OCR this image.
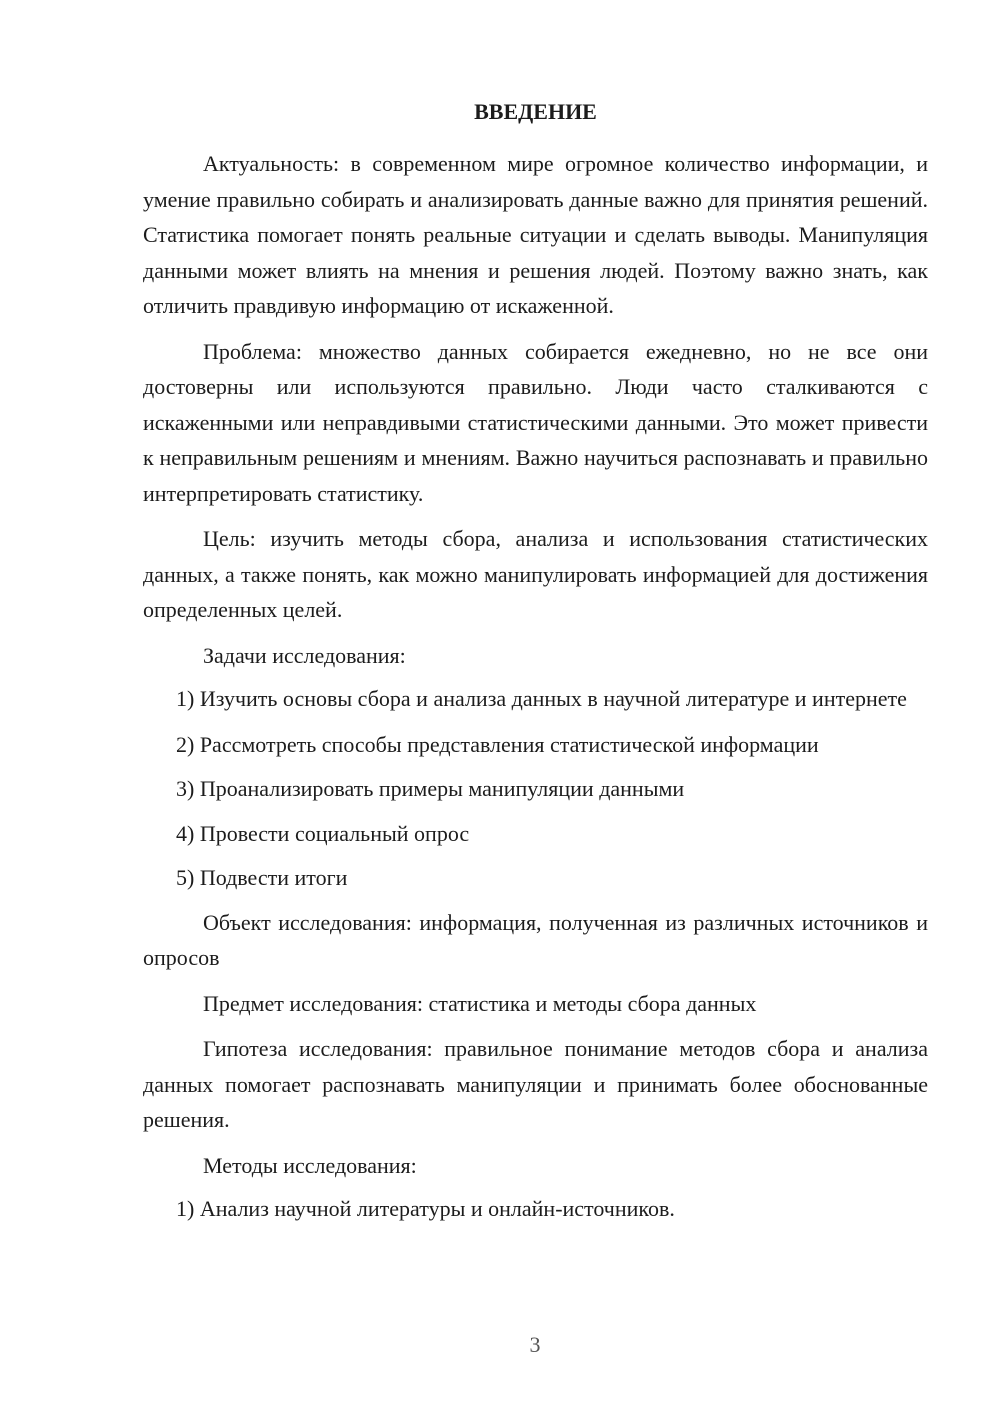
ВВЕДЕНИЕ
Актуальность: в современном мире огромное количество информации, и умение правильно собирать и анализировать данные важно для принятия решений. Статистика помогает понять реальные ситуации и сделать выводы. Манипуляция данными может влиять на мнения и решения людей. Поэтому важно знать, как отличить правдивую информацию от искаженной.
Проблема: множество данных собирается ежедневно, но не все они достоверны или используются правильно. Люди часто сталкиваются с искаженными или неправдивыми статистическими данными. Это может привести к неправильным решениям и мнениям. Важно научиться распознавать и правильно интерпретировать статистику.
Цель: изучить методы сбора, анализа и использования статистических данных, а также понять, как можно манипулировать информацией для достижения определенных целей.
Задачи исследования:
1) Изучить основы сбора и анализа данных в научной литературе и интернете
2) Рассмотреть способы представления статистической информации
3) Проанализировать примеры манипуляции данными
4) Провести социальный опрос
5) Подвести итоги
Объект исследования: информация, полученная из различных источников и опросов
Предмет исследования: статистика и методы сбора данных
Гипотеза исследования: правильное понимание методов сбора и анализа данных помогает распознавать манипуляции и принимать более обоснованные решения.
Методы исследования:
1) Анализ научной литературы и онлайн-источников.
3
